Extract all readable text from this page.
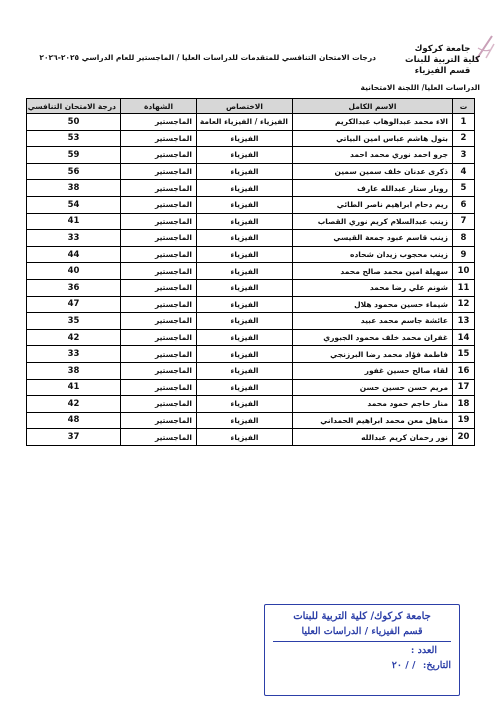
جامعة كركوك
كلية التربية للبنات
قسم الفيزياء
درجات الامتحان التنافسي للمتقدمات للدراسات العليا / الماجستير للعام الدراسي ٢٠٢٥-٢٠٢٦
الدراسات العليا/ اللجنة الامتحانية
ت	الاسم الكامل	الاختصاص	الشهادة	درجة الامتحان التنافسي
1	الاء محمد عبدالوهاب عبدالكريم	الفيزياء / الفيزياء العامة	الماجستير	50
2	بتول هاشم عباس امين البياتي	الفيزياء	الماجستير	53
3	جرو احمد نوري محمد احمد	الفيزياء	الماجستير	59
4	ذكرى عدنان خلف سمين سمين	الفيزياء	الماجستير	56
5	روبار ستار عبدالله عارف	الفيزياء	الماجستير	38
6	ريم دحام ابراهيم ناصر الطائي	الفيزياء	الماجستير	54
7	زينب عبدالسلام كريم نوري القصاب	الفيزياء	الماجستير	41
8	زينب قاسم عبود جمعة القيسي	الفيزياء	الماجستير	33
9	زينب محجوب زيدان شحاده	الفيزياء	الماجستير	44
10	سهيلة امين محمد صالح محمد	الفيزياء	الماجستير	40
11	شونم علي رضا محمد	الفيزياء	الماجستير	36
12	شيماء حسين محمود هلال	الفيزياء	الماجستير	47
13	عائشة جاسم محمد عبيد	الفيزياء	الماجستير	35
14	غفران محمد خلف محمود الجبوري	الفيزياء	الماجستير	42
15	فاطمة فؤاد محمد رضا البرزنجي	الفيزياء	الماجستير	33
16	لقاء صالح حسين غفور	الفيزياء	الماجستير	38
17	مريم حسن حسين حسن	الفيزياء	الماجستير	41
18	منار حاجم حمود محمد	الفيزياء	الماجستير	42
19	مناهل معن محمد ابراهيم الحمداني	الفيزياء	الماجستير	48
20	نور رحمان كريم عبدالله	الفيزياء	الماجستير	37
جامعة كركوك/ كلية التربية للبنات
قسم الفيزياء / الدراسات العليا
العدد :
التاريخ: / / ٢٠
